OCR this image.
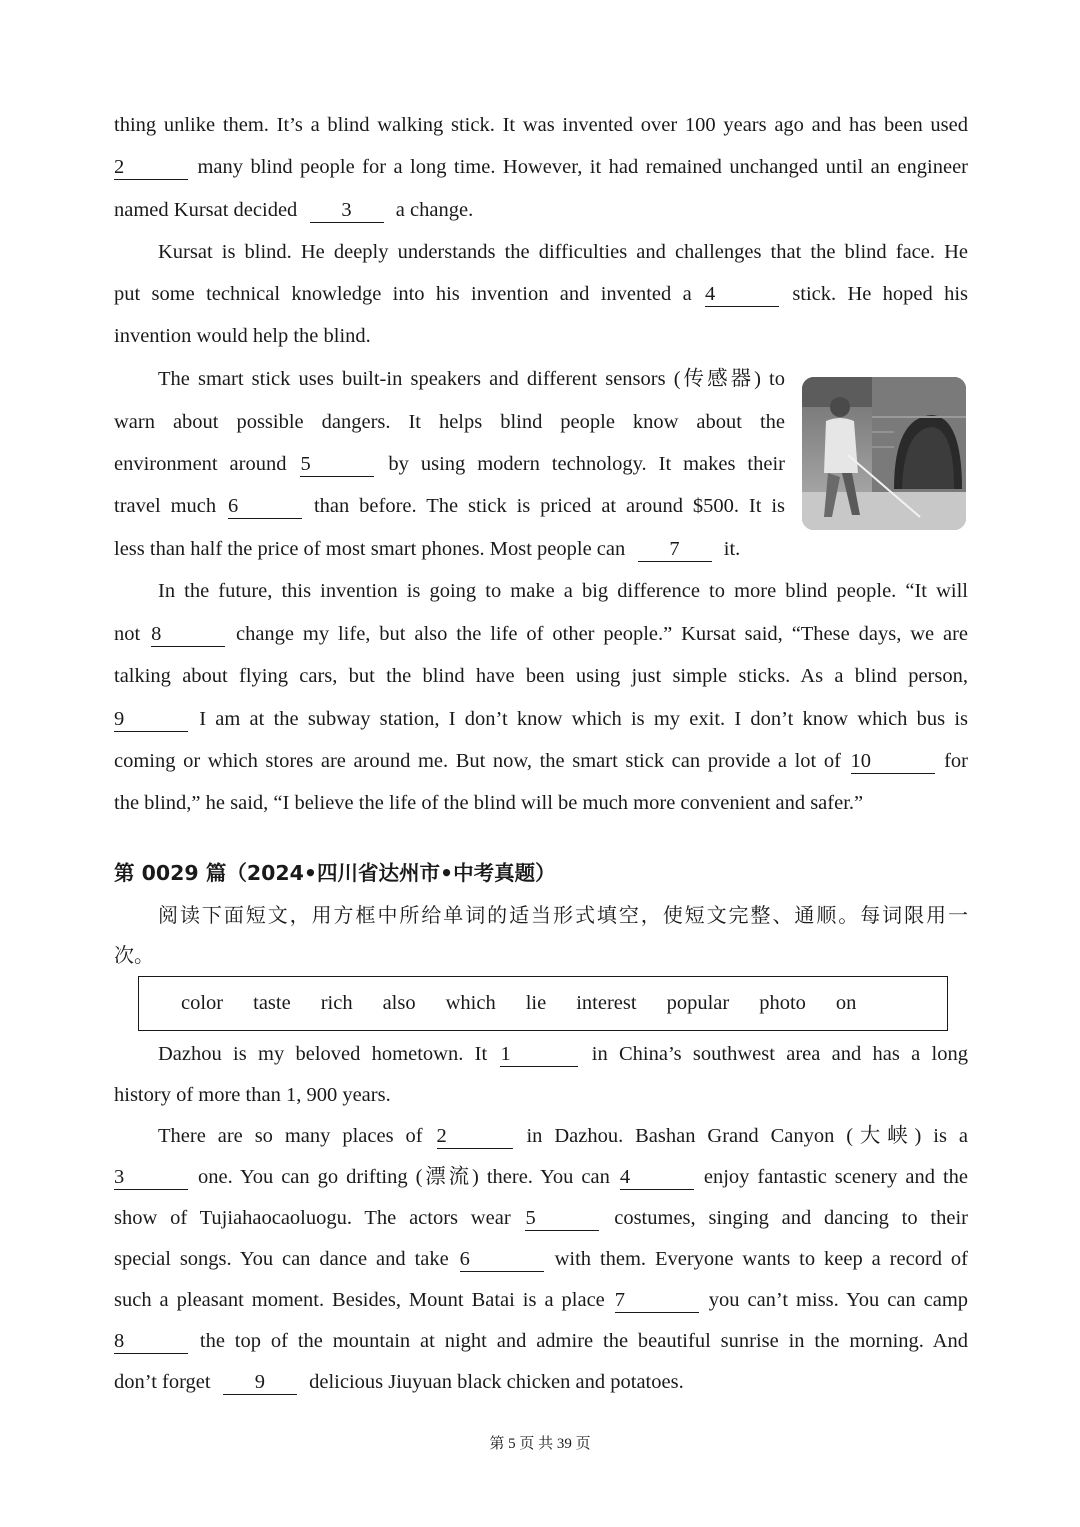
thing unlike them. It’s a blind walking stick. It was invented over 100 years ago and has been used
2	many blind people for a long time. However, it had remained unchanged until an engineer
named Kursat decided 3 a change.
Kursat is blind. He deeply understands the difficulties and challenges that the blind face. He
put some technical knowledge into his invention and invented a 4	stick. He hoped his
invention would help the blind.
The smart stick uses built-in speakers and different sensors (传感器) to
warn about possible dangers. It helps blind people know about the
environment around 5	by using modern technology. It makes their
travel much 6	than before. The stick is priced at around $500. It is
less than half the price of most smart phones. Most people can 7 it.
In the future, this invention is going to make a big difference to more blind people. “It will
not 8	change my life, but also the life of other people.” Kursat said, “These days, we are
talking about flying cars, but the blind have been using just simple sticks. As a blind person,
9	I am at the subway station, I don’t know which is my exit. I don’t know which bus is
coming or which stores are around me. But now, the smart stick can provide a lot of 10	for
the blind,” he said, “I believe the life of the blind will be much more convenient and safer.”
第 0029 篇（2024•四川省达州市•中考真题）
阅读下面短文，用方框中所给单词的适当形式填空，使短文完整、通顺。每词限用一
次。
color taste rich also which lie interest popular photo on
Dazhou is my beloved hometown. It 1	in China’s southwest area and has a long
history of more than 1, 900 years.
There are so many places of 2	in Dazhou. Bashan Grand Canyon (大峡) is a
3	one. You can go drifting (漂流) there. You can 4	enjoy fantastic scenery and the
show of Tujiahaocaoluogu. The actors wear 5	costumes, singing and dancing to their
special songs. You can dance and take 6	with them. Everyone wants to keep a record of
such a pleasant moment. Besides, Mount Batai is a place 7	you can’t miss. You can camp
8	the top of the mountain at night and admire the beautiful sunrise in the morning. And
don’t forget 9 delicious Jiuyuan black chicken and potatoes.
第 5 页 共 39 页
